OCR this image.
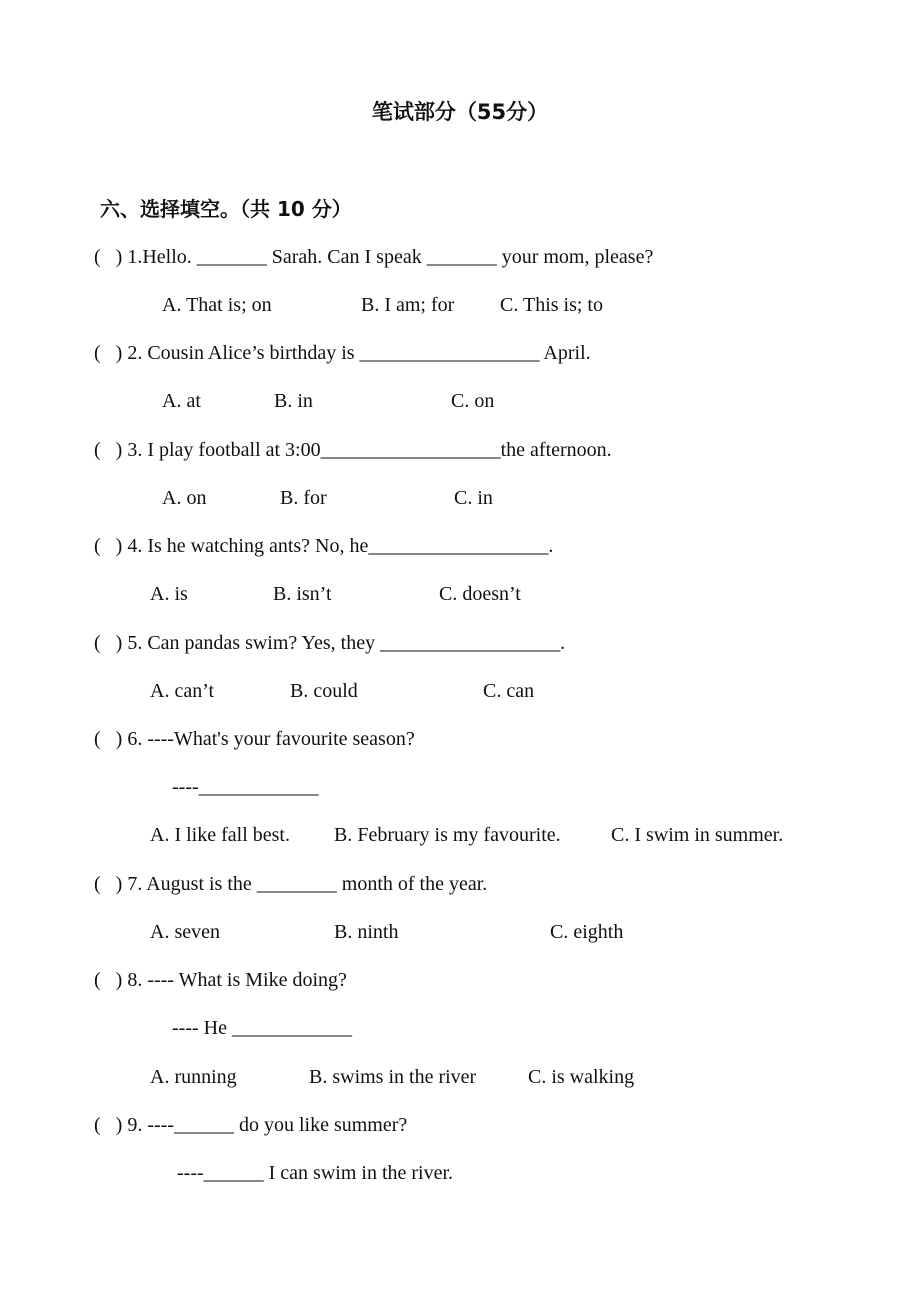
笔试部分（55分）
六、选择填空。（共 10 分）
(   ) 1.Hello. _______ Sarah. Can I speak _______ your mom, please?
A. That is; on	B. I am; for C. This is; to
(   ) 2. Cousin Alice’s birthday is __________________ April.
A. at	B. in	C. on
(   ) 3. I play football at 3:00__________________the afternoon.
A. on	B. for	C. in
(   ) 4. Is he watching ants? No, he__________________.
A. is	B. isn’t	C. doesn’t
(   ) 5. Can pandas swim? Yes, they __________________.
A. can’t	B. could	C. can
(   ) 6. ----What's your favourite season?
----____________
A. I like fall best. B. February is my favourite.	C. I swim in summer.
(   ) 7. August is the ________ month of the year.
A. seven	B. ninth	C. eighth
(   ) 8. ---- What is Mike doing?
---- He ____________
A. running	B. swims in the river	C. is walking
(   ) 9. ----______ do you like summer?
----______ I can swim in the river.
